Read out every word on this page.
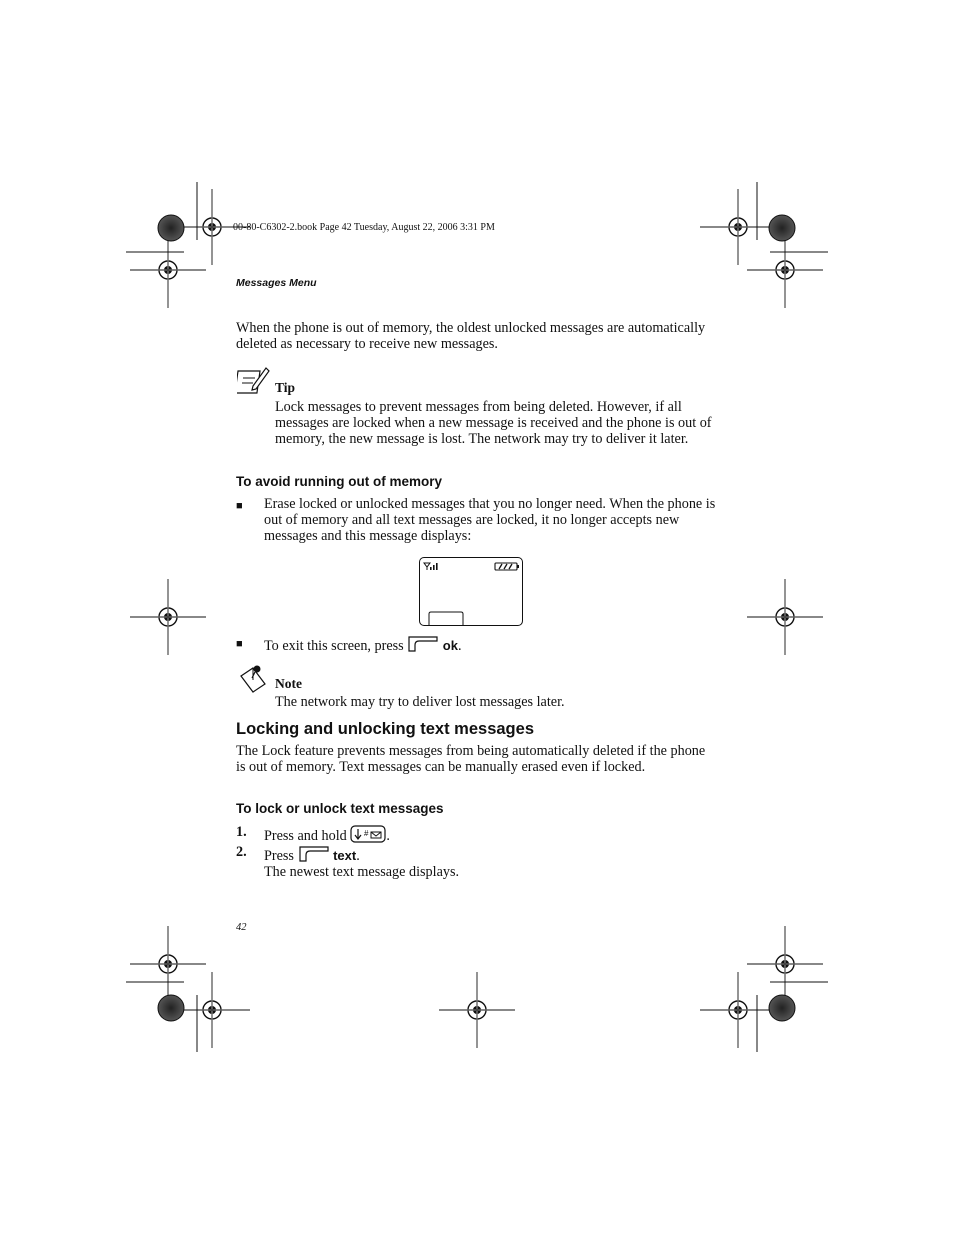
00-80-C6302-2.book Page 42 Tuesday, August 22, 2006 3:31 PM
Messages Menu
When the phone is out of memory, the oldest unlocked messages are automatically deleted as necessary to receive new messages.
Tip
Lock messages to prevent messages from being deleted. However, if all messages are locked when a new message is received and the phone is out of memory, the new message is lost. The network may try to deliver it later.
To avoid running out of memory
■ Erase locked or unlocked messages that you no longer need. When the phone is out of memory and all text messages are locked, it no longer accepts new messages and this message displays:
■ To exit this screen, press	ok.
Note
The network may try to deliver lost messages later.
Locking and unlocking text messages
The Lock feature prevents messages from being automatically deleted if the phone is out of memory. Text messages can be manually erased even if locked.
To lock or unlock text messages
1. Press and hold # .
2. Press	text.
The newest text message displays.
42
